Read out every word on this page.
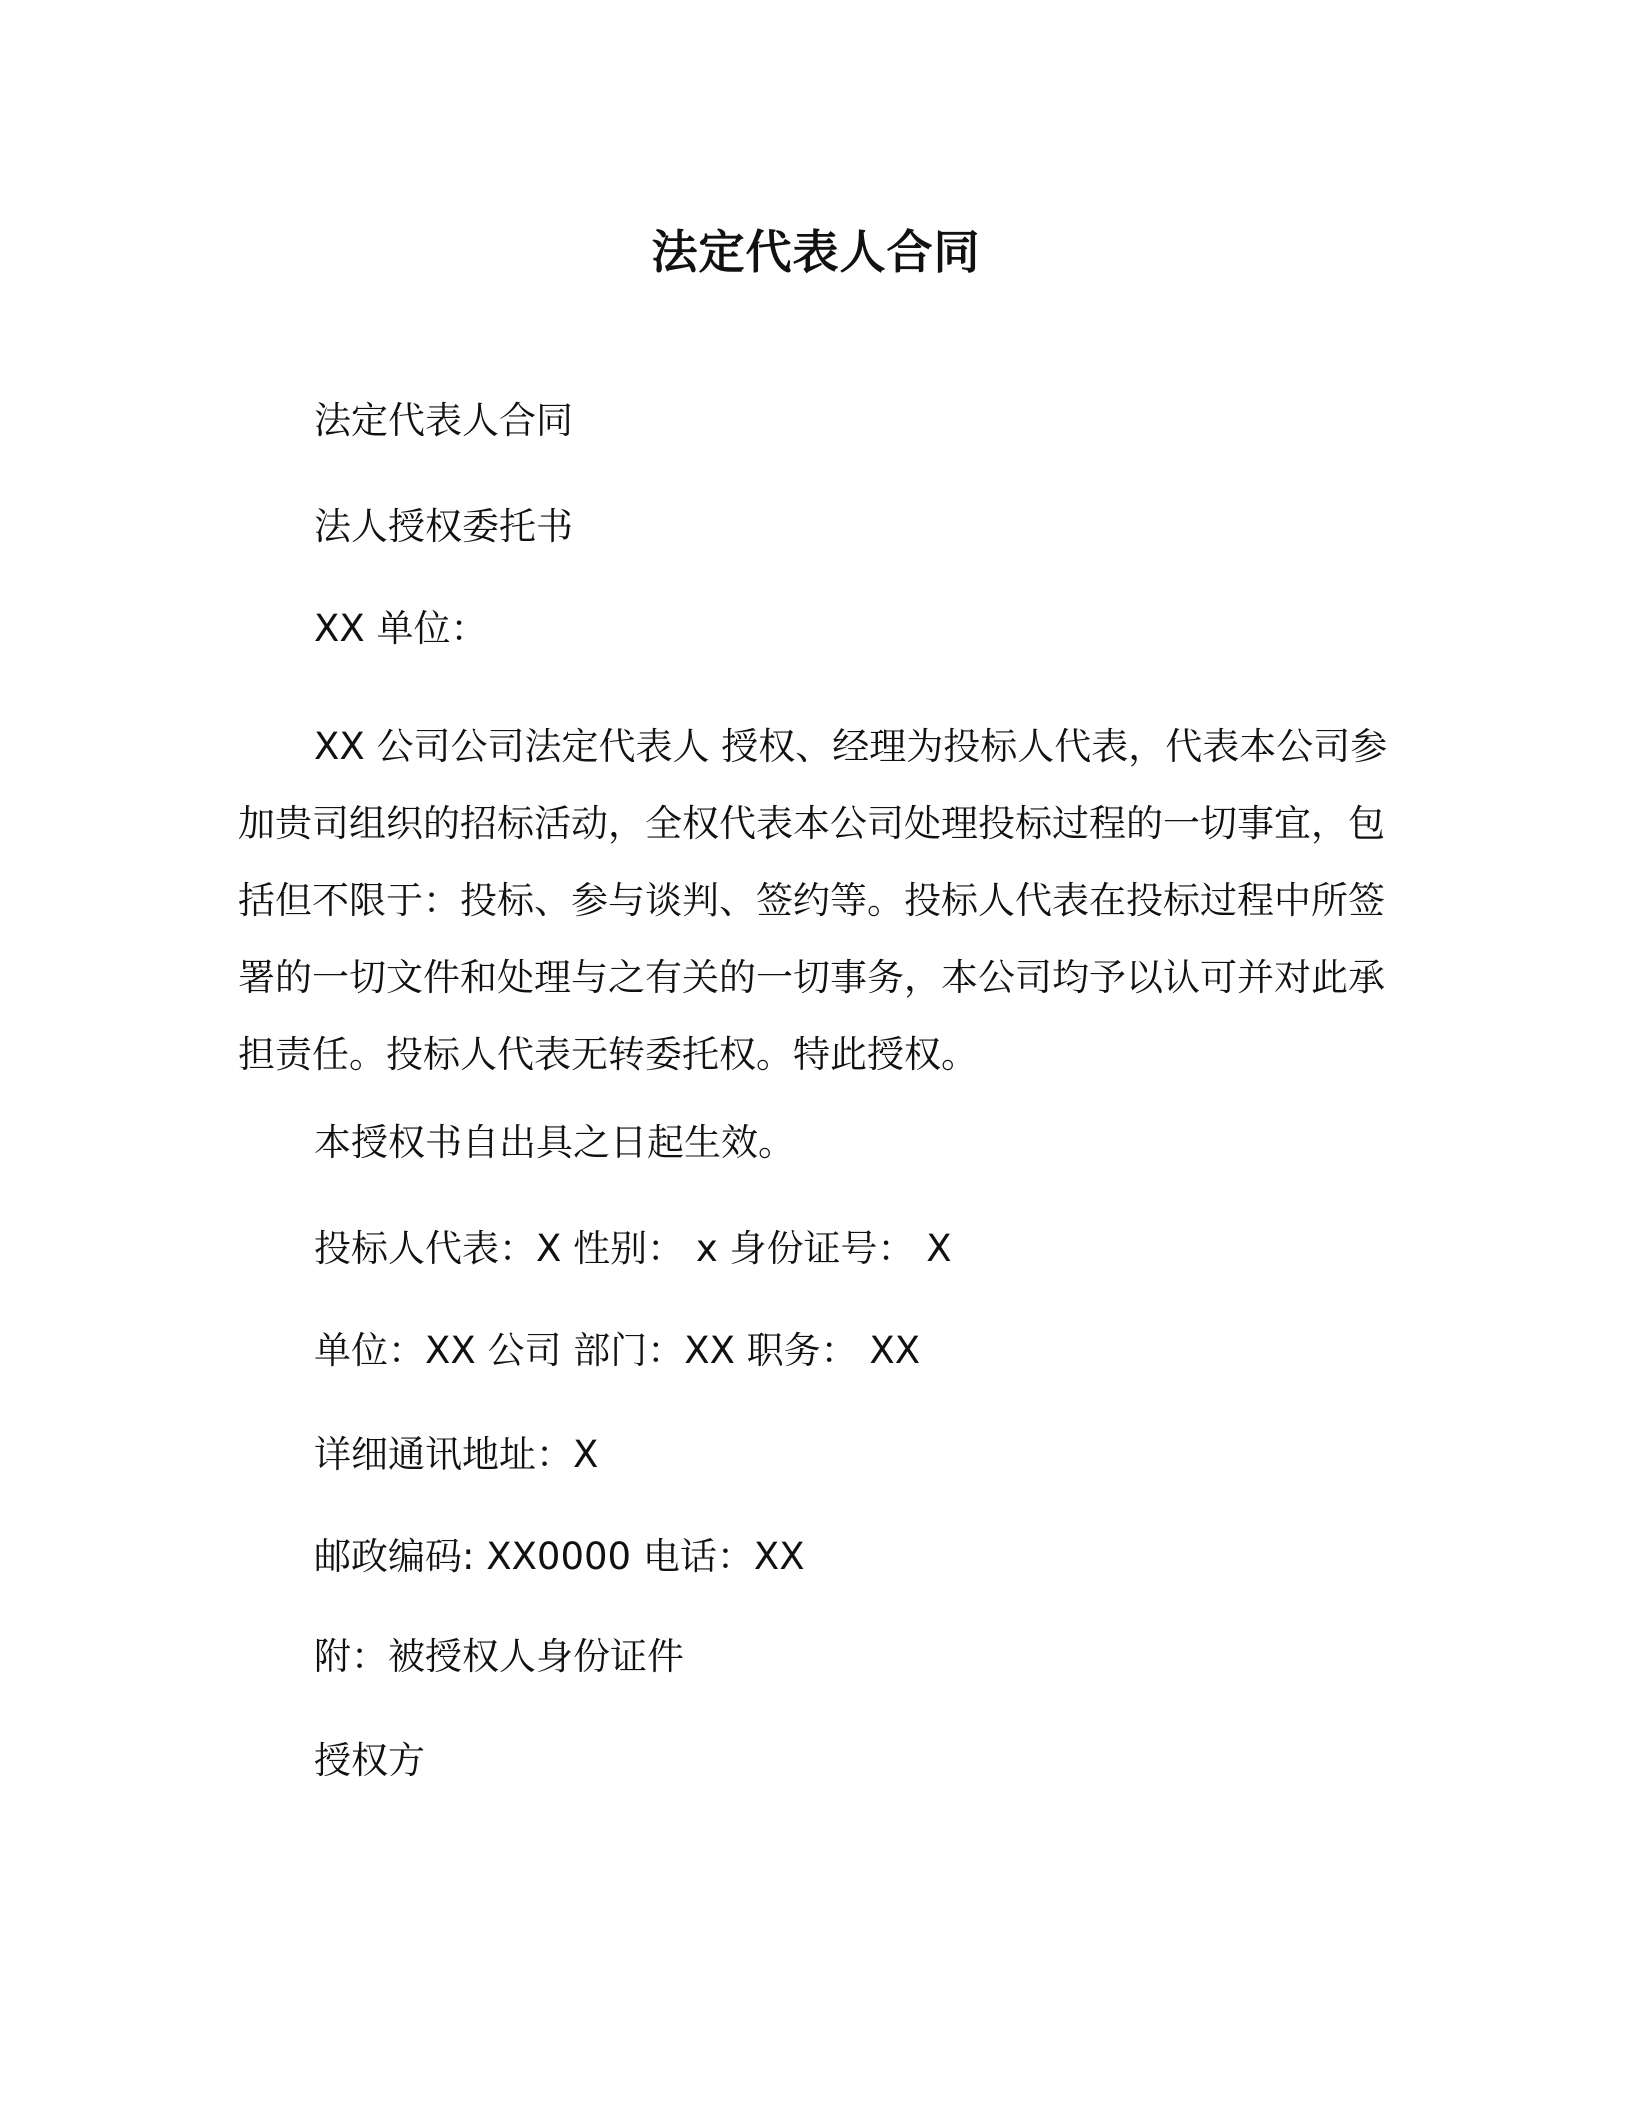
法定代表人合同
法定代表人合同
法人授权委托书
XX 单位：
XX 公司公司法定代表人 授权、经理为投标人代表，代表本公司参加贵司组织的招标活动，全权代表本公司处理投标过程的一切事宜，包括但不限于：投标、参与谈判、签约等。投标人代表在投标过程中所签署的一切文件和处理与之有关的一切事务，本公司均予以认可并对此承担责任。投标人代表无转委托权。特此授权。
本授权书自出具之日起生效。
投标人代表：X 性别： x 身份证号： X
单位：XX 公司 部门：XX 职务： XX
详细通讯地址：X
邮政编码: XX0000 电话：XX
附：被授权人身份证件
授权方
